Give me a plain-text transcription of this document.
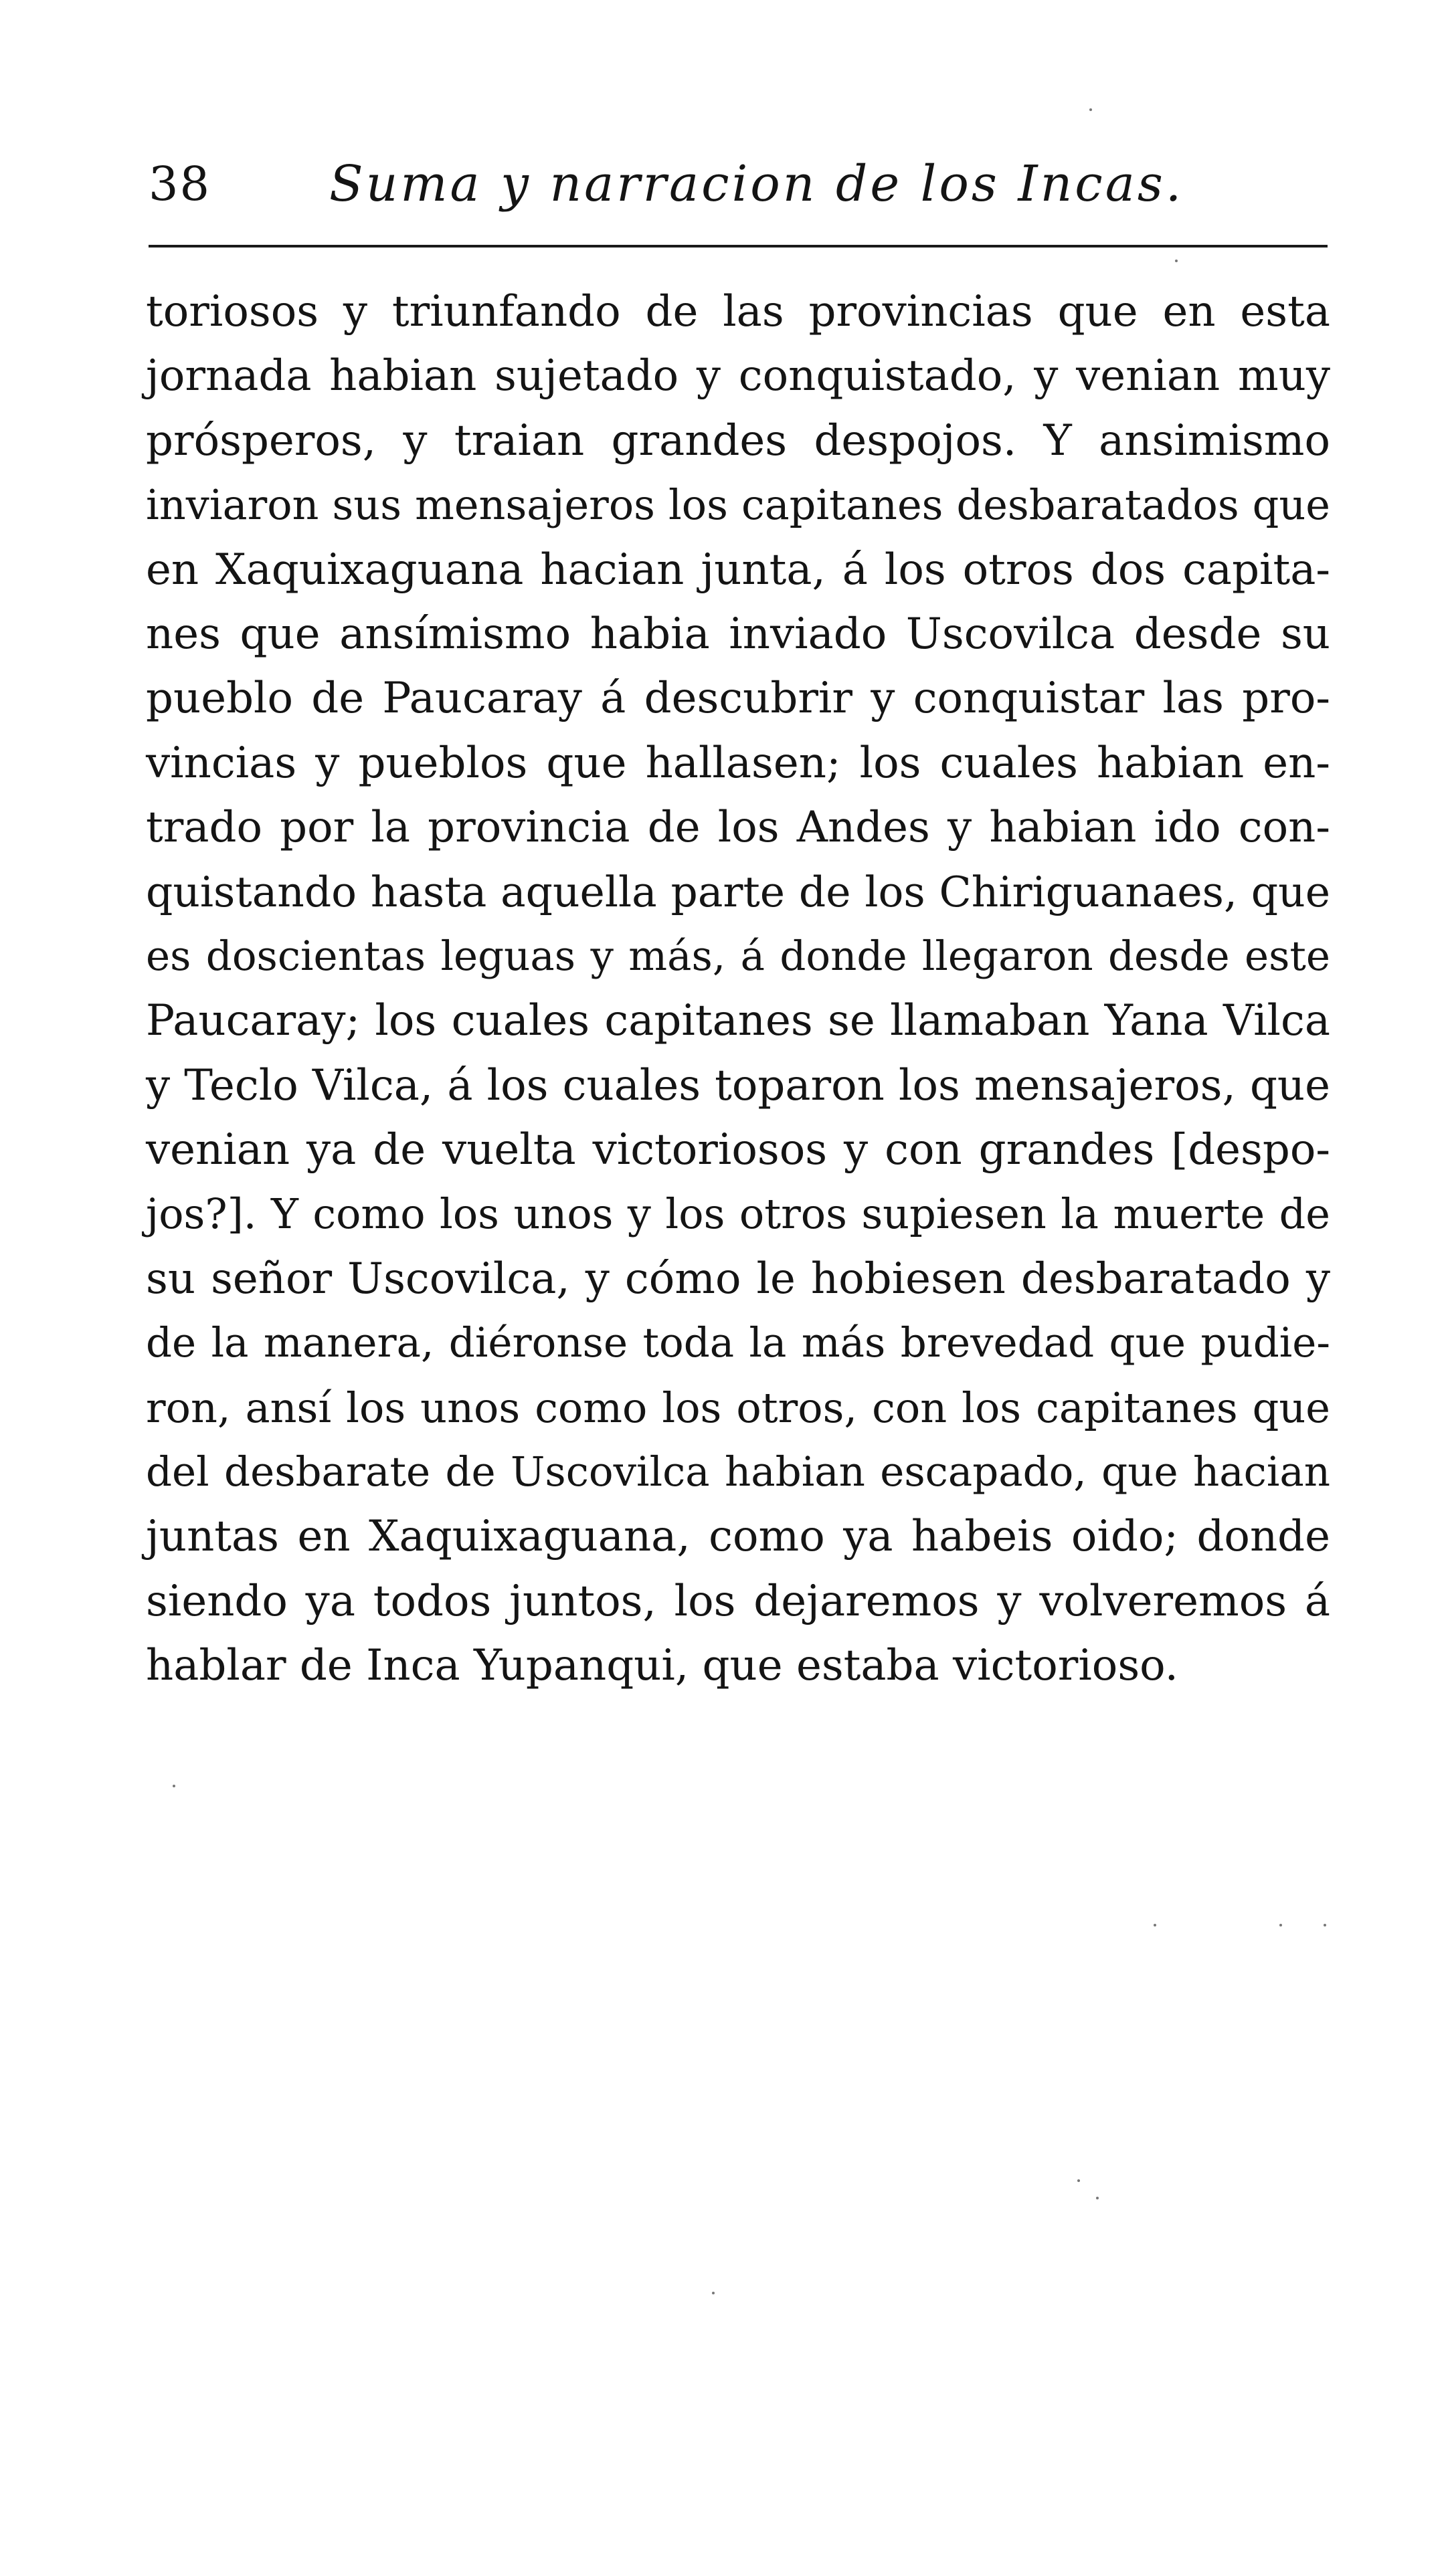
38 Suma y narracion de los Incas.
toriosos y triunfando de las provincias que en esta
jornada habian sujetado y conquistado, y venian muy
prósperos, y traian grandes despojos. Y ansimismo
inviaron sus mensajeros los capitanes desbaratados que
en Xaquixaguana hacian junta, á los otros dos capita-
nes que ansímismo habia inviado Uscovilca desde su
pueblo de Paucaray á descubrir y conquistar las pro-
vincias y pueblos que hallasen; los cuales habian en-
trado por la provincia de los Andes y habian ido con-
quistando hasta aquella parte de los Chiriguanaes, que
es doscientas leguas y más, á donde llegaron desde este
Paucaray; los cuales capitanes se llamaban Yana Vilca
y Teclo Vilca, á los cuales toparon los mensajeros, que
venian ya de vuelta victoriosos y con grandes [despo-
jos?]. Y como los unos y los otros supiesen la muerte de
su señor Uscovilca, y cómo le hobiesen desbaratado y
de la manera, diéronse toda la más brevedad que pudie-
ron, ansí los unos como los otros, con los capitanes que
del desbarate de Uscovilca habian escapado, que hacian
juntas en Xaquixaguana, como ya habeis oido; donde
siendo ya todos juntos, los dejaremos y volveremos á
hablar de Inca Yupanqui, que estaba victorioso.
